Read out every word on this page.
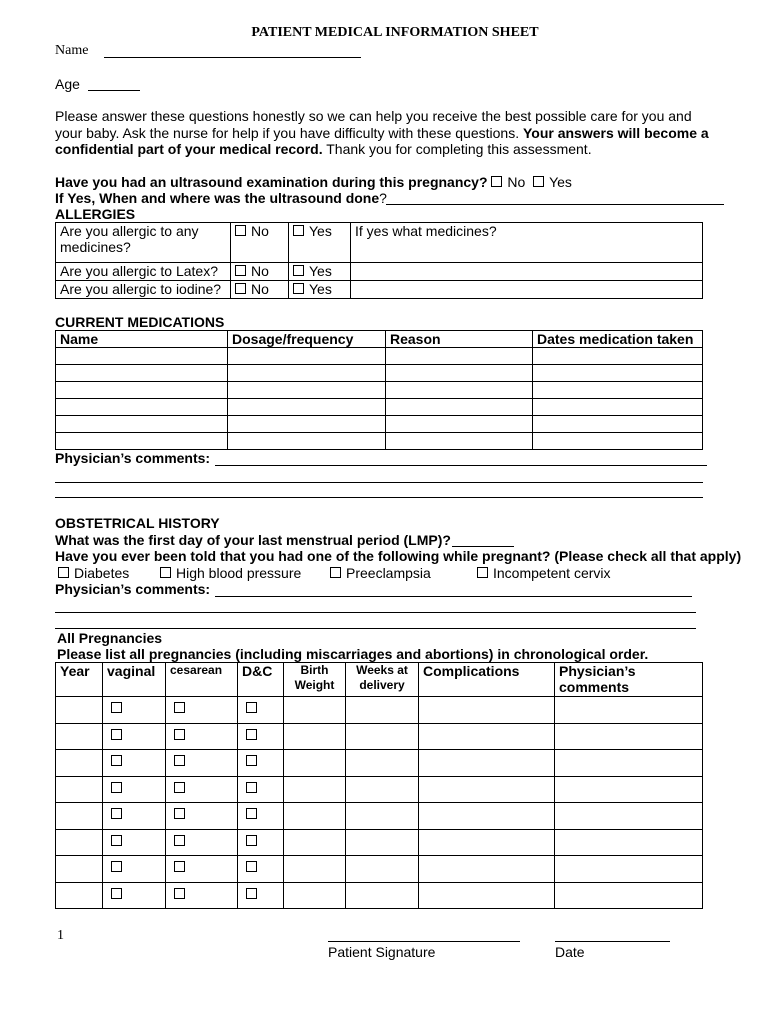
PATIENT MEDICAL INFORMATION SHEET
Name
Age
Please answer these questions honestly so we can help you receive the best possible care for you and your baby. Ask the nurse for help if you have difficulty with these questions. Your answers will become a confidential part of your medical record. Thank you for completing this assessment.
Have you had an ultrasound examination during this pregnancy? No Yes
If Yes, When and where was the ultrasound done?
ALLERGIES
Are you allergic to any medicines?	No	Yes	If yes what medicines?
Are you allergic to Latex?	No	Yes	
Are you allergic to iodine?	No	Yes	
CURRENT MEDICATIONS
Name	Dosage/frequency	Reason	Dates medication taken

Physician’s comments:
OBSTETRICAL HISTORY
What was the first day of your last menstrual period (LMP)?
Have you ever been told that you had one of the following while pregnant? (Please check all that apply)
Diabetes	High blood pressure	Preeclampsia	Incompetent cervix
Physician’s comments:
All Pregnancies
Please list all pregnancies (including miscarriages and abortions) in chronological order.
Year	vaginal	cesarean	D&C	Birth Weight	Weeks at delivery	Complications	Physician’s comments

1
Patient Signature	Date
